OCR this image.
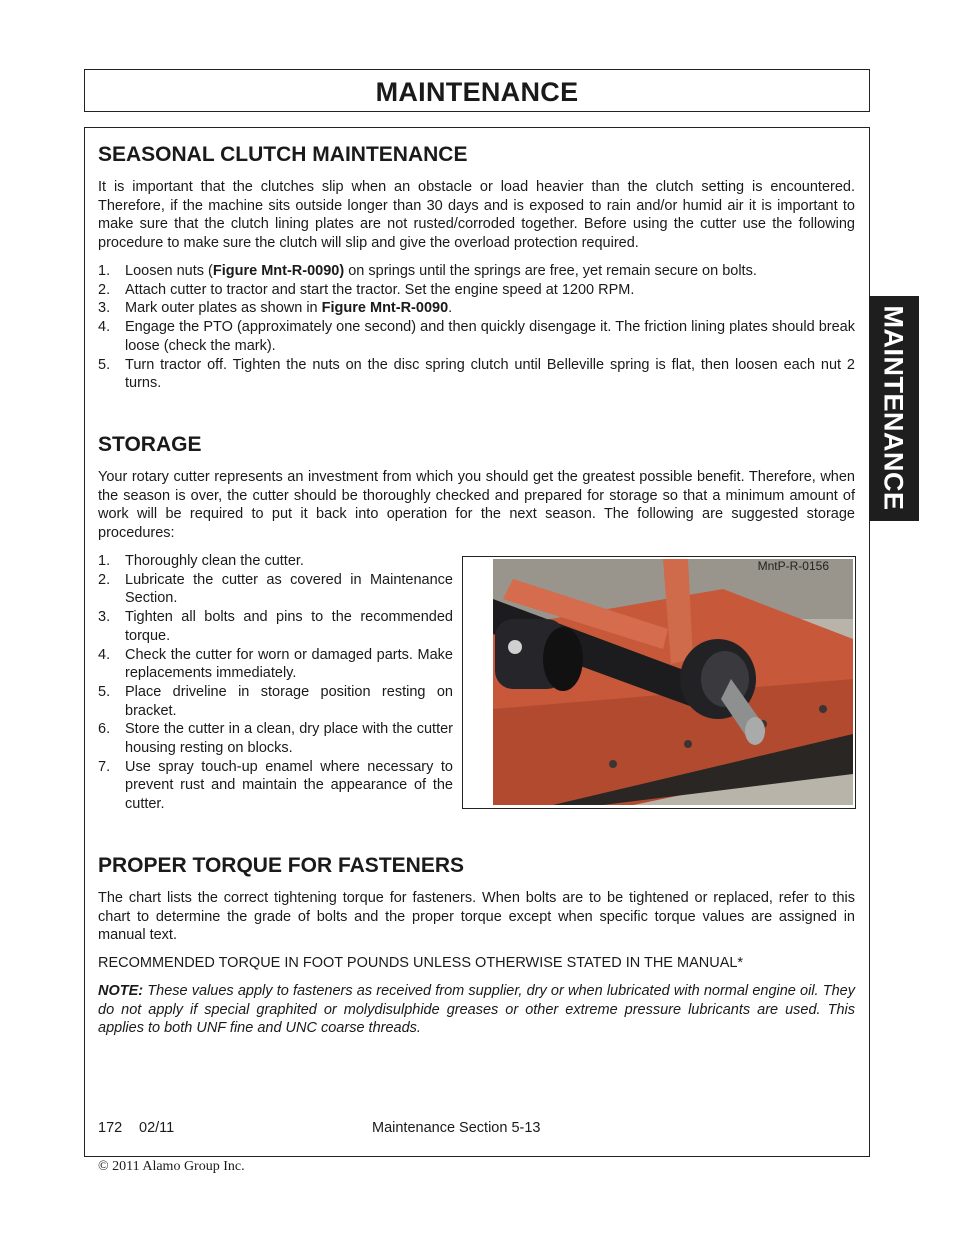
MAINTENANCE
MAINTENANCE
SEASONAL CLUTCH MAINTENANCE

It is important that the clutches slip when an obstacle or load heavier than the clutch setting is encountered. Therefore, if the machine sits outside longer than 30 days and is exposed to rain and/or humid air it is important to make sure that the clutch lining plates are not rusted/corroded together. Before using the cutter use the following procedure to make sure the clutch will slip and give the overload protection required.

1. Loosen nuts (Figure Mnt-R-0090) on springs until the springs are free, yet remain secure on bolts.
2. Attach cutter to tractor and start the tractor. Set the engine speed at 1200 RPM.
3. Mark outer plates as shown in Figure Mnt-R-0090.
4. Engage the PTO (approximately one second) and then quickly disengage it. The friction lining plates should break loose (check the mark).
5. Turn tractor off. Tighten the nuts on the disc spring clutch until Belleville spring is flat, then loosen each nut 2 turns.
STORAGE

Your rotary cutter represents an investment from which you should get the greatest possible benefit. Therefore, when the season is over, the cutter should be thoroughly checked and prepared for storage so that a minimum amount of work will be required to put it back into operation for the next season. The following are suggested storage procedures:

1. Thoroughly clean the cutter.
2. Lubricate the cutter as covered in Maintenance Section.
3. Tighten all bolts and pins to the recommended torque.
4. Check the cutter for worn or damaged parts. Make replacements immediately.
5. Place driveline in storage position resting on bracket.
6. Store the cutter in a clean, dry place with the cutter housing resting on blocks.
7. Use spray touch-up enamel where necessary to prevent rust and maintain the appearance of the cutter.
MntP-R-0156
PROPER TORQUE FOR FASTENERS

The chart lists the correct tightening torque for fasteners. When bolts are to be tightened or replaced, refer to this chart to determine the grade of bolts and the proper torque except when specific torque values are assigned in manual text.

RECOMMENDED TORQUE IN FOOT POUNDS UNLESS OTHERWISE STATED IN THE MANUAL*

NOTE: These values apply to fasteners as received from supplier, dry or when lubricated with normal engine oil. They do not apply if special graphited or molydisulphide greases or other extreme pressure lubricants are used. This applies to both UNF fine and UNC coarse threads.

172 02/11	Maintenance Section 5-13
© 2011 Alamo Group Inc.
